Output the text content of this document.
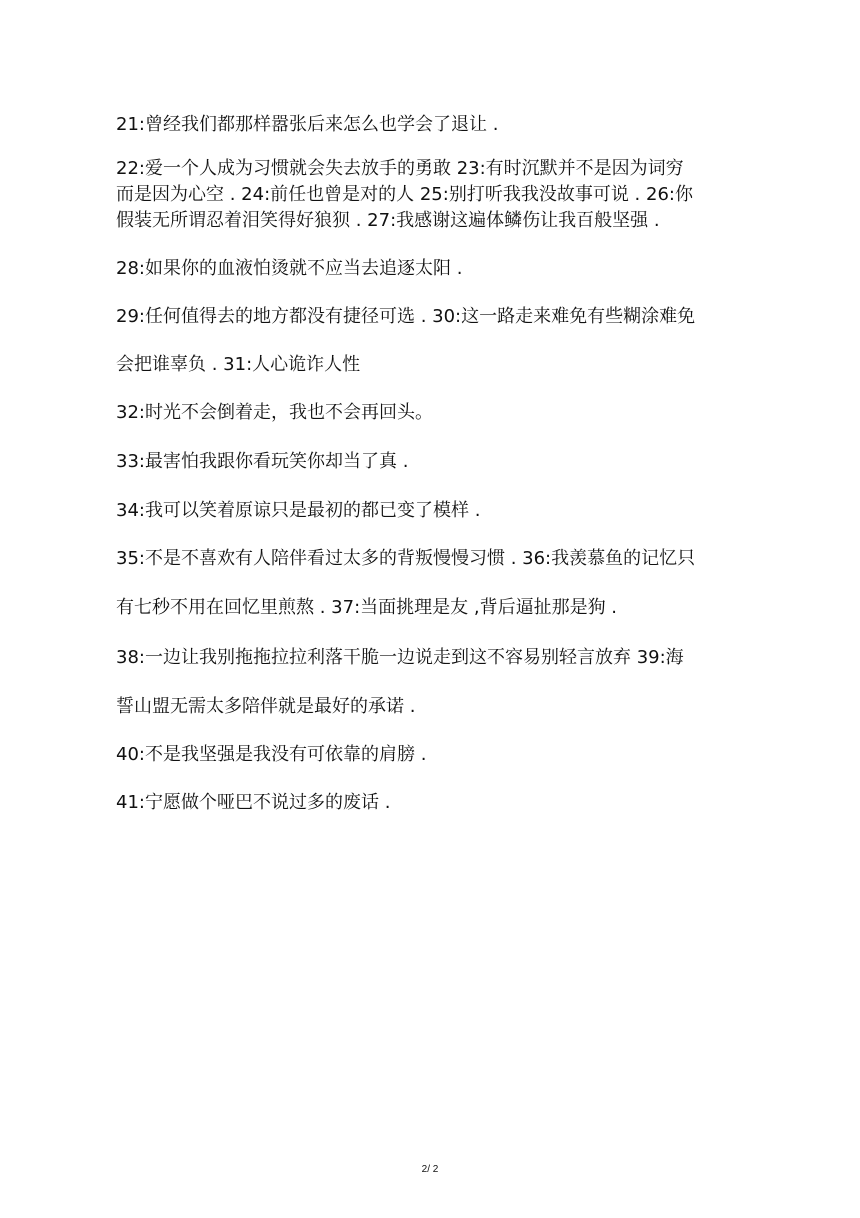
21:曾经我们都那样嚣张后来怎么也学会了退让 .
22:爱一个人成为习惯就会失去放手的勇敢 23:有时沉默并不是因为词穷
而是因为心空 . 24:前任也曾是对的人 25:别打听我我没故事可说 . 26:你
假装无所谓忍着泪笑得好狼狈 . 27:我感谢这遍体鳞伤让我百般坚强 .
28:如果你的血液怕烫就不应当去追逐太阳 .
29:任何值得去的地方都没有捷径可选 . 30:这一路走来难免有些糊涂难免
会把谁辜负 . 31:人心诡诈人性
32:时光不会倒着走，我也不会再回头。
33:最害怕我跟你看玩笑你却当了真 .
34:我可以笑着原谅只是最初的都已变了模样 .
35:不是不喜欢有人陪伴看过太多的背叛慢慢习惯 . 36:我羡慕鱼的记忆只
有七秒不用在回忆里煎熬 . 37:当面挑理是友 ,背后逼扯那是狗 .
38:一边让我别拖拖拉拉利落干脆一边说走到这不容易别轻言放弃 39:海
誓山盟无需太多陪伴就是最好的承诺 .
40:不是我坚强是我没有可依靠的肩膀 .
41:宁愿做个哑巴不说过多的废话 .
2/ 2
